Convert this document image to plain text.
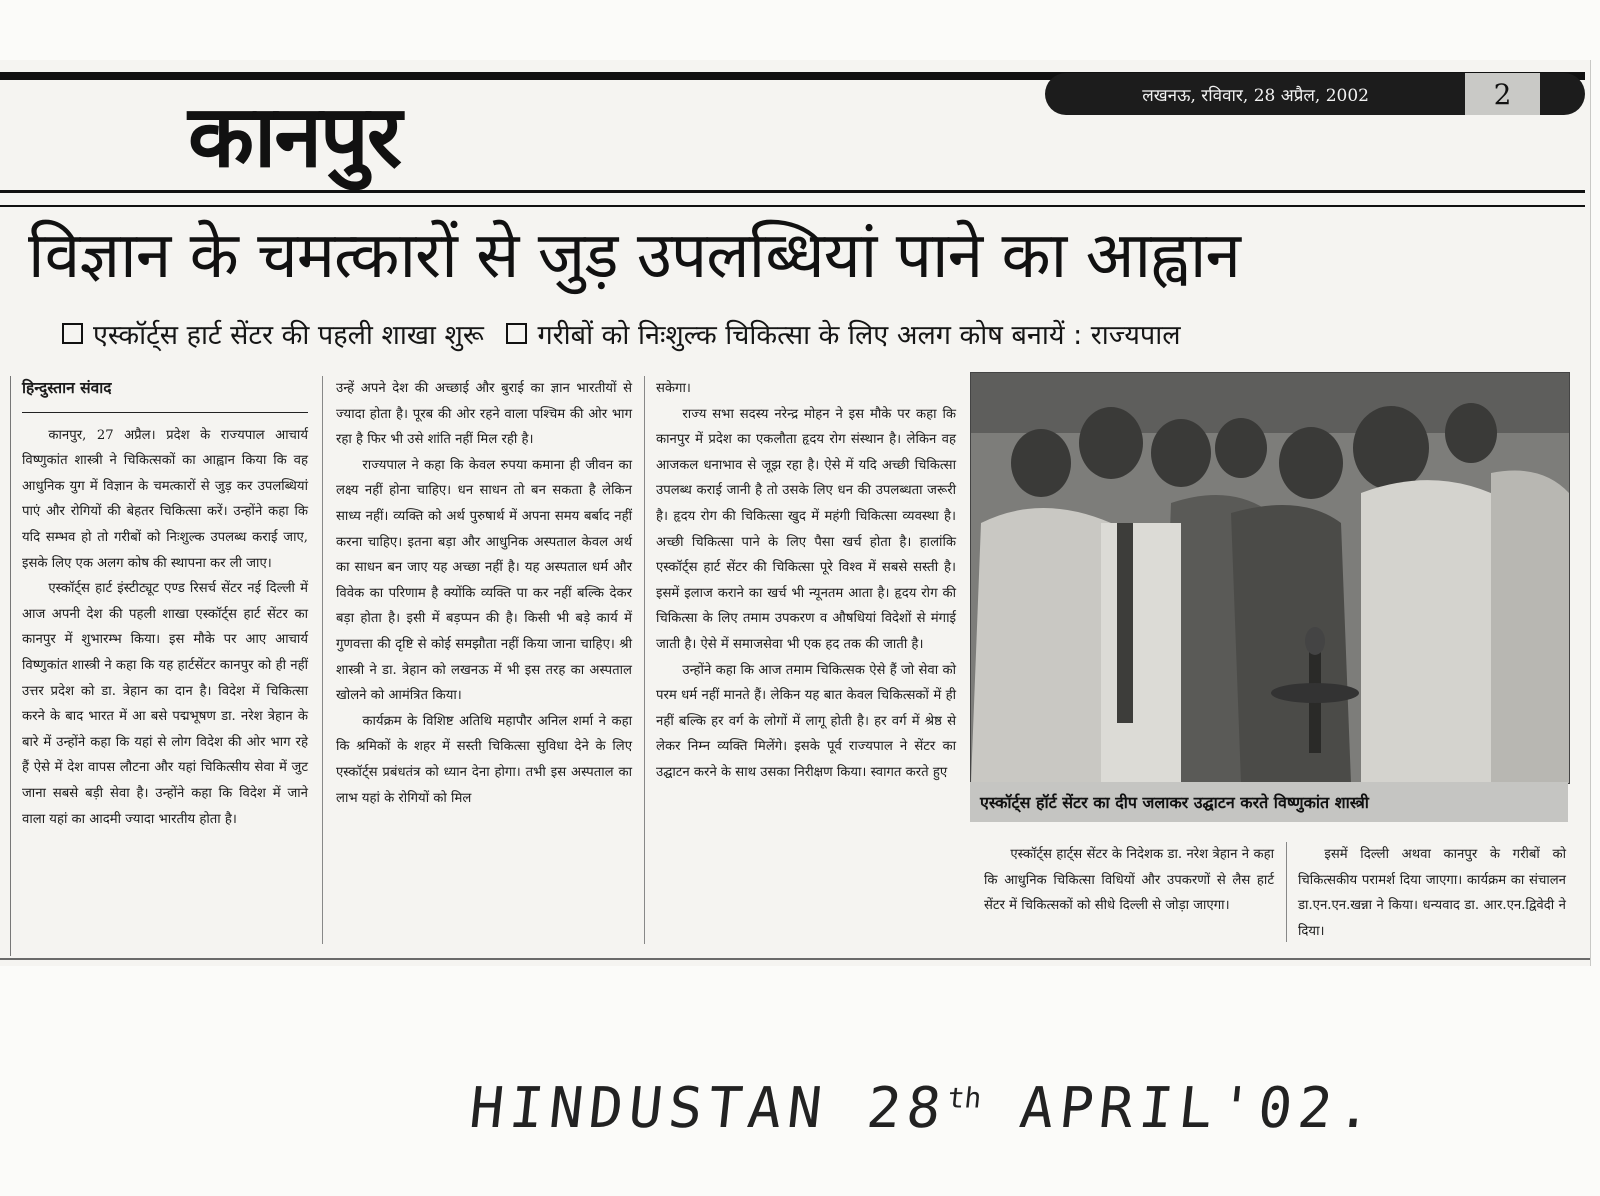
लखनऊ, रविवार, 28 अप्रैल, 2002	2
कानपुर
विज्ञान के चमत्कारों से जुड़ उपलब्धियां पाने का आह्वान
एस्कॉर्ट्स हार्ट सेंटर की पहली शाखा शुरू गरीबों को निःशुल्क चिकित्सा के लिए अलग कोष बनायें : राज्यपाल
हिन्दुस्तान संवाद

कानपुर, 27 अप्रैल। प्रदेश के राज्यपाल आचार्य विष्णुकांत शास्त्री ने चिकित्सकों का आह्वान किया कि वह आधुनिक युग में विज्ञान के चमत्कारों से जुड़ कर उपलब्धियां पाएं और रोगियों की बेहतर चिकित्सा करें। उन्होंने कहा कि यदि सम्भव हो तो गरीबों को निःशुल्क उपलब्ध कराई जाए, इसके लिए एक अलग कोष की स्थापना कर ली जाए।

एस्कॉर्ट्स हार्ट इंस्टीट्यूट एण्ड रिसर्च सेंटर नई दिल्ली में आज अपनी देश की पहली शाखा एस्कॉर्ट्स हार्ट सेंटर का कानपुर में शुभारम्भ किया। इस मौके पर आए आचार्य विष्णुकांत शास्त्री ने कहा कि यह हार्टसेंटर कानपुर को ही नहीं उत्तर प्रदेश को डा. त्रेहान का दान है। विदेश में चिकित्सा करने के बाद भारत में आ बसे पद्मभूषण डा. नरेश त्रेहान के बारे में उन्होंने कहा कि यहां से लोग विदेश की ओर भाग रहे हैं ऐसे में देश वापस लौटना और यहां चिकित्सीय सेवा में जुट जाना सबसे बड़ी सेवा है। उन्होंने कहा कि विदेश में जाने वाला यहां का आदमी ज्यादा भारतीय होता है।

उन्हें अपने देश की अच्छाई और बुराई का ज्ञान भारतीयों से ज्यादा होता है। पूरब की ओर रहने वाला पश्चिम की ओर भाग रहा है फिर भी उसे शांति नहीं मिल रही है।

राज्यपाल ने कहा कि केवल रुपया कमाना ही जीवन का लक्ष्य नहीं होना चाहिए। धन साधन तो बन सकता है लेकिन साध्य नहीं। व्यक्ति को अर्थ पुरुषार्थ में अपना समय बर्बाद नहीं करना चाहिए। इतना बड़ा और आधुनिक अस्पताल केवल अर्थ का साधन बन जाए यह अच्छा नहीं है। यह अस्पताल धर्म और विवेक का परिणाम है क्योंकि व्यक्ति पा कर नहीं बल्कि देकर बड़ा होता है। इसी में बड़प्पन की है। किसी भी बड़े कार्य में गुणवत्ता की दृष्टि से कोई समझौता नहीं किया जाना चाहिए। श्री शास्त्री ने डा. त्रेहान को लखनऊ में भी इस तरह का अस्पताल खोलने को आमंत्रित किया।

कार्यक्रम के विशिष्ट अतिथि महापौर अनिल शर्मा ने कहा कि श्रमिकों के शहर में सस्ती चिकित्सा सुविधा देने के लिए एस्कॉर्ट्स प्रबंधतंत्र को ध्यान देना होगा। तभी इस अस्पताल का लाभ यहां के रोगियों को मिल

सकेगा।

राज्य सभा सदस्य नरेन्द्र मोहन ने इस मौके पर कहा कि कानपुर में प्रदेश का एकलौता हृदय रोग संस्थान है। लेकिन वह आजकल धनाभाव से जूझ रहा है। ऐसे में यदि अच्छी चिकित्सा उपलब्ध कराई जानी है तो उसके लिए धन की उपलब्धता जरूरी है। हृदय रोग की चिकित्सा खुद में महंगी चिकित्सा व्यवस्था है। अच्छी चिकित्सा पाने के लिए पैसा खर्च होता है। हालांकि एस्कॉर्ट्स हार्ट सेंटर की चिकित्सा पूरे विश्व में सबसे सस्ती है। इसमें इलाज कराने का खर्च भी न्यूनतम आता है। हृदय रोग की चिकित्सा के लिए तमाम उपकरण व औषधियां विदेशों से मंगाई जाती है। ऐसे में समाजसेवा भी एक हद तक की जाती है।

उन्होंने कहा कि आज तमाम चिकित्सक ऐसे हैं जो सेवा को परम धर्म नहीं मानते हैं। लेकिन यह बात केवल चिकित्सकों में ही नहीं बल्कि हर वर्ग के लोगों में लागू होती है। हर वर्ग में श्रेष्ठ से लेकर निम्न व्यक्ति मिलेंगे। इसके पूर्व राज्यपाल ने सेंटर का उद्घाटन करने के साथ उसका निरीक्षण किया। स्वागत करते हुए

एस्कॉर्ट्स हॉर्ट सेंटर का दीप जलाकर उद्घाटन करते विष्णुकांत शास्त्री

एस्कॉर्ट्स हार्ट्स सेंटर के निदेशक डा. नरेश त्रेहान ने कहा कि आधुनिक चिकित्सा विधियों और उपकरणों से लैस हार्ट सेंटर में चिकित्सकों को सीधे दिल्ली से जोड़ा जाएगा।

इसमें दिल्ली अथवा कानपुर के गरीबों को चिकित्सकीय परामर्श दिया जाएगा। कार्यक्रम का संचालन डा.एन.एन.खन्ना ने किया। धन्यवाद डा. आर.एन.द्विवेदी ने दिया।

HINDUSTAN 28th APRIL'02.
